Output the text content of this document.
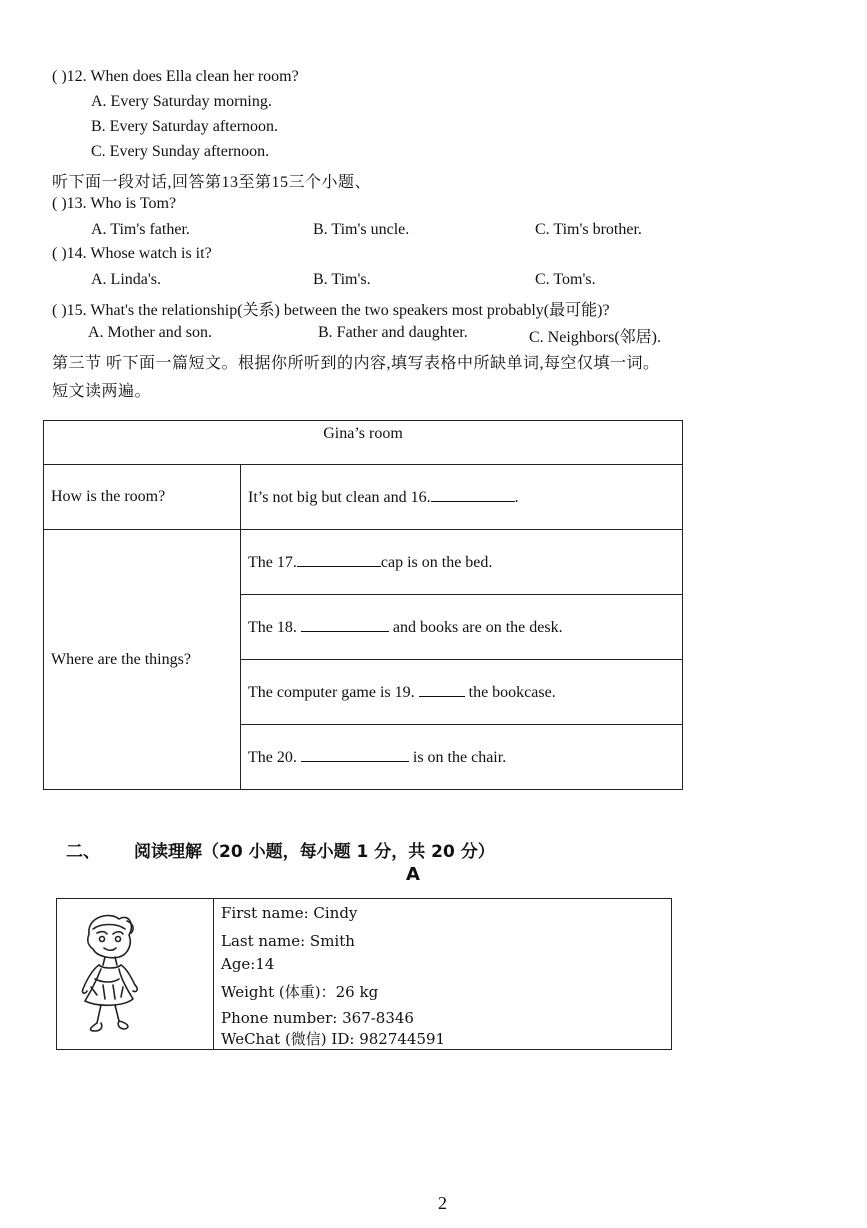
( )12. When does Ella clean her room?
A. Every Saturday morning.
B. Every Saturday afternoon.
C. Every Sunday afternoon.
听下面一段对话,回答第13至第15三个小题、
( )13. Who is Tom?
A. Tim's father.	B. Tim's uncle.	C. Tim's brother.
( )14. Whose watch is it?
A. Linda's.	B. Tim's.	C. Tom's.
( )15. What's the relationship(关系) between the two speakers most probably(最可能)?
A. Mother and son.	B. Father and daughter.	C. Neighbors(邻居).
第三节 听下面一篇短文。根据你所听到的内容,填写表格中所缺单词,每空仅填一词。
短文读两遍。
Gina’s room	
How is the room?	It’s not big but clean and 16. .
Where are the things?	The 17. cap is on the bed.
	The 18. and books are on the desk.
	The computer game is 19. the bookcase.
	The 20. is on the chair.
二、 阅读理解（20 小题，每小题 1 分，共 20 分）
A
First name: Cindy
Last name: Smith
Age:14
Weight (体重)：26 kg
Phone number: 367-8346
WeChat (微信) ID: 982744591
2
